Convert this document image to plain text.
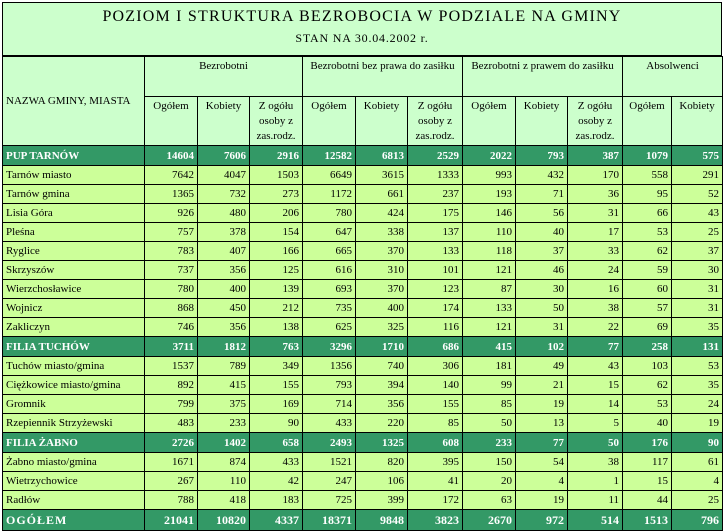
POZIOM I STRUKTURA BEZROBOCIA W PODZIALE NA GMINY
STAN NA 30.04.2002 r.
NAZWA GMINY, MIASTA	Bezrobotni			Bezrobotni bez prawa do zasiłku			Bezrobotni z prawem do zasiłku			Absolwenci	
	Ogółem	Kobiety	Z ogółu osoby z zas.rodz.	Ogółem	Kobiety	Z ogółu osoby z zas.rodz.	Ogółem	Kobiety	Z ogółu osoby z zas.rodz.	Ogółem	Kobiety
PUP TARNÓW	14604	7606	2916	12582	6813	2529	2022	793	387	1079	575
Tarnów miasto	7642	4047	1503	6649	3615	1333	993	432	170	558	291
Tarnów gmina	1365	732	273	1172	661	237	193	71	36	95	52
Lisia Góra	926	480	206	780	424	175	146	56	31	66	43
Pleśna	757	378	154	647	338	137	110	40	17	53	25
Ryglice	783	407	166	665	370	133	118	37	33	62	37
Skrzyszów	737	356	125	616	310	101	121	46	24	59	30
Wierzchosławice	780	400	139	693	370	123	87	30	16	60	31
Wojnicz	868	450	212	735	400	174	133	50	38	57	31
Zakliczyn	746	356	138	625	325	116	121	31	22	69	35
FILIA TUCHÓW	3711	1812	763	3296	1710	686	415	102	77	258	131
Tuchów miasto/gmina	1537	789	349	1356	740	306	181	49	43	103	53
Ciężkowice miasto/gmina	892	415	155	793	394	140	99	21	15	62	35
Gromnik	799	375	169	714	356	155	85	19	14	53	24
Rzepiennik Strzyżewski	483	233	90	433	220	85	50	13	5	40	19
FILIA ŻABNO	2726	1402	658	2493	1325	608	233	77	50	176	90
Żabno miasto/gmina	1671	874	433	1521	820	395	150	54	38	117	61
Wietrzychowice	267	110	42	247	106	41	20	4	1	15	4
Radłów	788	418	183	725	399	172	63	19	11	44	25
OGÓŁEM	21041	10820	4337	18371	9848	3823	2670	972	514	1513	796
